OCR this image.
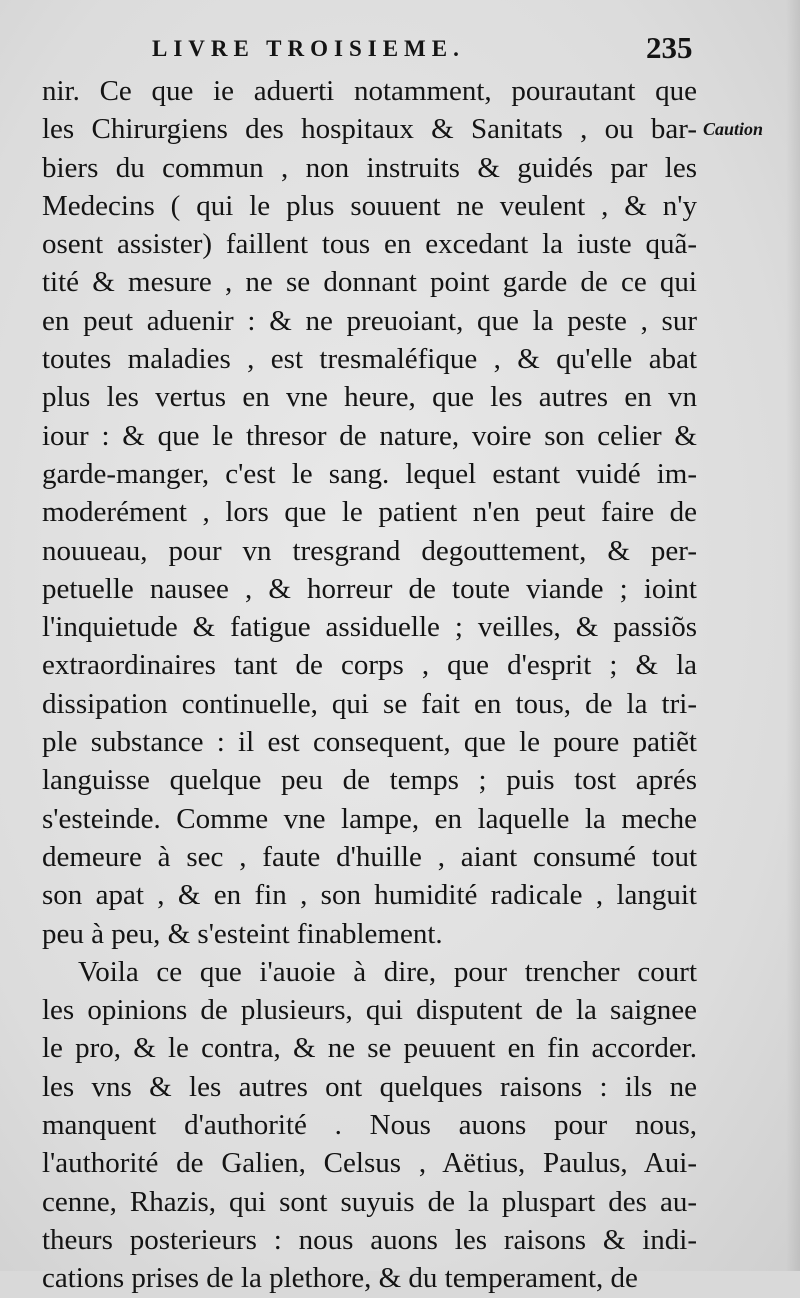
LIVRE TROISIEME.	235
nir. Ce que ie aduerti notamment, pourautant que
les Chirurgiens des hospitaux & Sanitats , ou bar-
biers du commun , non instruits & guidés par les
Medecins ( qui le plus souuent ne veulent , & n'y
osent assister) faillent tous en excedant la iuste quã-
tité & mesure , ne se donnant point garde de ce qui
en peut aduenir : & ne preuoiant, que la peste , sur
toutes maladies , est tresmaléfique , & qu'elle abat
plus les vertus en vne heure, que les autres en vn
iour : & que le thresor de nature, voire son celier &
garde-manger, c'est le sang. lequel estant vuidé im-
moderément , lors que le patient n'en peut faire de
nouueau, pour vn tresgrand degouttement, & per-
petuelle nausee , & horreur de toute viande ; ioint
l'inquietude & fatigue assiduelle ; veilles, & passiõs
extraordinaires tant de corps , que d'esprit ; & la
dissipation continuelle, qui se fait en tous, de la tri-
ple substance : il est consequent, que le poure patiẽt
languisse quelque peu de temps ; puis tost aprés
s'esteinde. Comme vne lampe, en laquelle la meche
demeure à sec , faute d'huille , aiant consumé tout
son apat , & en fin , son humidité radicale , languit
peu à peu, & s'esteint finablement.
Voila ce que i'auoie à dire, pour trencher court
les opinions de plusieurs, qui disputent de la saignee
le pro, & le contra, & ne se peuuent en fin accorder.
les vns & les autres ont quelques raisons : ils ne
manquent d'authorité . Nous auons pour nous,
l'authorité de Galien, Celsus , Aëtius, Paulus, Aui-
cenne, Rhazis, qui sont suyuis de la pluspart des au-
theurs posterieurs : nous auons les raisons & indi-
cations prises de la plethore, & du temperament, de
Caution
